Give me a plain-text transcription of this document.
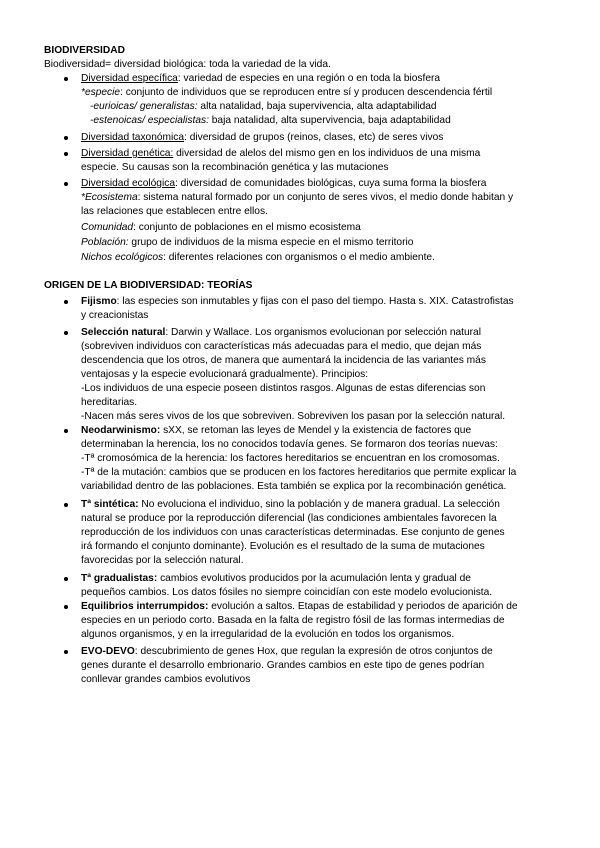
BIODIVERSIDAD
Biodiversidad= diversidad biológica: toda la variedad de la vida.
Diversidad específica: variedad de especies en una región o en toda la biosfera
*especie: conjunto de individuos que se reproducen entre sí y producen descendencia fértil
-eurioicas/ generalistas: alta natalidad, baja supervivencia, alta adaptabilidad
-estenoicas/ especialistas: baja natalidad, alta supervivencia, baja adaptabilidad
Diversidad taxonómica: diversidad de grupos (reinos, clases, etc) de seres vivos
Diversidad genética: diversidad de alelos del mismo gen en los individuos de una misma
especie. Su causas son la recombinación genética y las mutaciones
Diversidad ecológica: diversidad de comunidades biológicas, cuya suma forma la biosfera
*Ecosistema: sistema natural formado por un conjunto de seres vivos, el medio donde habitan y
las relaciones que establecen entre ellos.
Comunidad: conjunto de poblaciones en el mismo ecosistema
Población: grupo de individuos de la misma especie en el mismo territorio
Nichos ecológicos: diferentes relaciones con organismos o el medio ambiente.
ORIGEN DE LA BIODIVERSIDAD: TEORÍAS
Fijismo: las especies son inmutables y fijas con el paso del tiempo. Hasta s. XIX. Catastrofistas
y creacionistas
Selección natural: Darwin y Wallace. Los organismos evolucionan por selección natural
(sobreviven individuos con características más adecuadas para el medio, que dejan más
descendencia que los otros, de manera que aumentará la incidencia de las variantes más
ventajosas y la especie evolucionará gradualmente). Principios:
-Los individuos de una especie poseen distintos rasgos. Algunas de estas diferencias son
hereditarias.
-Nacen más seres vivos de los que sobreviven. Sobreviven los pasan por la selección natural.
Neodarwinismo: sXX, se retoman las leyes de Mendel y la existencia de factores que
determinaban la herencia, los no conocidos todavía genes. Se formaron dos teorías nuevas:
-Tª cromosómica de la herencia: los factores hereditarios se encuentran en los cromosomas.
-Tª de la mutación: cambios que se producen en los factores hereditarios que permite explicar la
variabilidad dentro de las poblaciones. Esta también se explica por la recombinación genética.
Tª sintética: No evoluciona el individuo, sino la población y de manera gradual. La selección
natural se produce por la reproducción diferencial (las condiciones ambientales favorecen la
reproducción de los individuos con unas características determinadas. Ese conjunto de genes
irá formando el conjunto dominante). Evolución es el resultado de la suma de mutaciones
favorecidas por la selección natural.
Tª gradualistas: cambios evolutivos producidos por la acumulación lenta y gradual de
pequeños cambios. Los datos fósiles no siempre coincidían con este modelo evolucionista.
Equilibrios interrumpidos: evolución a saltos. Etapas de estabilidad y periodos de aparición de
especies en un periodo corto. Basada en la falta de registro fósil de las formas intermedias de
algunos organismos, y en la irregularidad de la evolución en todos los organismos.
EVO-DEVO: descubrimiento de genes Hox, que regulan la expresión de otros conjuntos de
genes durante el desarrollo embrionario. Grandes cambios en este tipo de genes podrían
conllevar grandes cambios evolutivos
